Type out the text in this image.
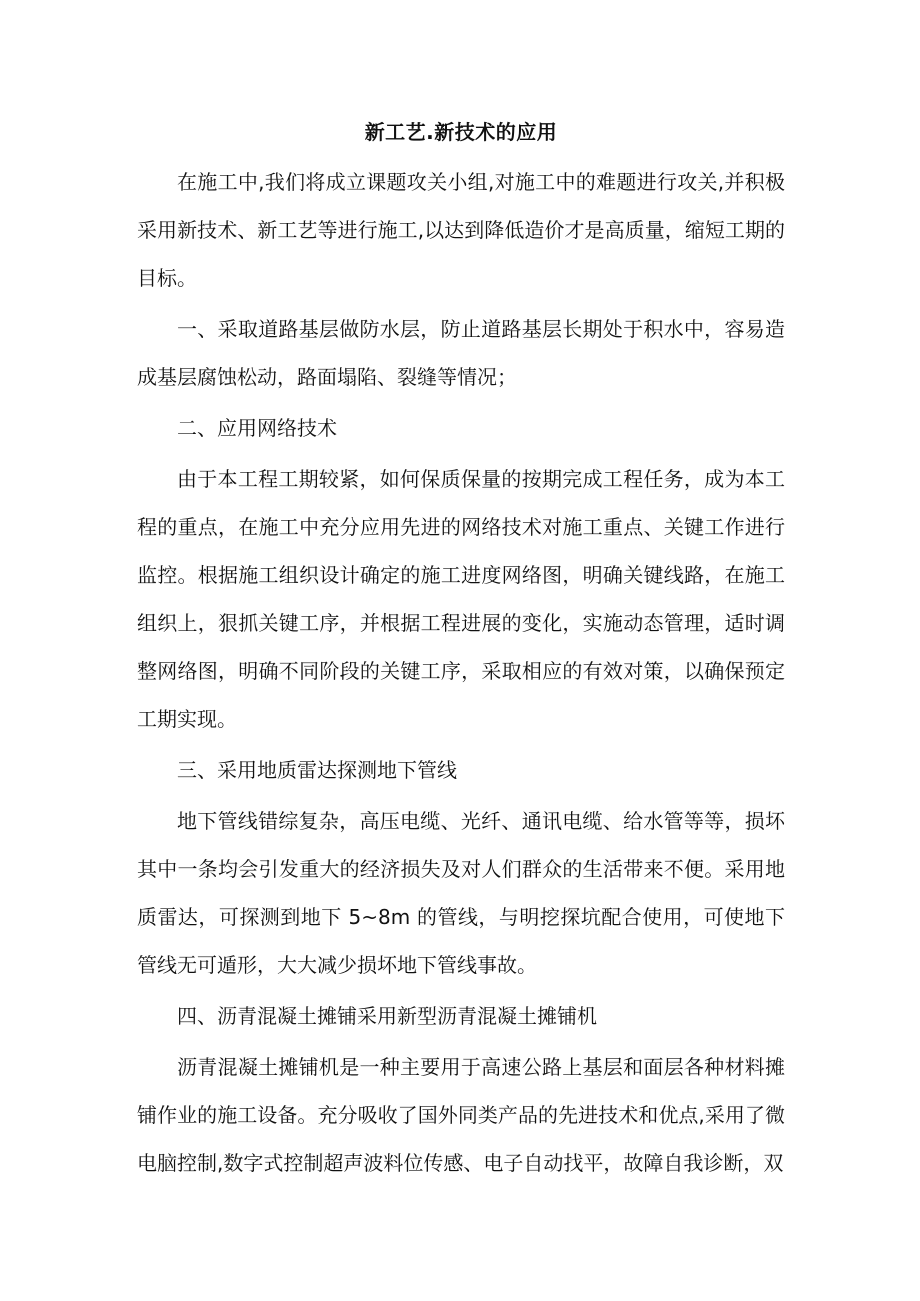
新工艺.新技术的应用

在施工中,我们将成立课题攻关小组,对施工中的难题进行攻关,并积极采用新技术、新工艺等进行施工,以达到降低造价才是高质量，缩短工期的目标。

一、采取道路基层做防水层，防止道路基层长期处于积水中，容易造成基层腐蚀松动，路面塌陷、裂缝等情况；

二、应用网络技术

由于本工程工期较紧，如何保质保量的按期完成工程任务，成为本工程的重点，在施工中充分应用先进的网络技术对施工重点、关键工作进行监控。根据施工组织设计确定的施工进度网络图，明确关键线路，在施工组织上，狠抓关键工序，并根据工程进展的变化，实施动态管理，适时调整网络图，明确不同阶段的关键工序，采取相应的有效对策，以确保预定工期实现。

三、采用地质雷达探测地下管线

地下管线错综复杂，高压电缆、光纤、通讯电缆、给水管等等，损坏其中一条均会引发重大的经济损失及对人们群众的生活带来不便。采用地质雷达，可探测到地下 5~8m 的管线，与明挖探坑配合使用，可使地下管线无可遁形，大大减少损坏地下管线事故。

四、沥青混凝土摊铺采用新型沥青混凝土摊铺机

沥青混凝土摊铺机是一种主要用于高速公路上基层和面层各种材料摊铺作业的施工设备。充分吸收了国外同类产品的先进技术和优点,采用了微电脑控制,数字式控制超声波料位传感、电子自动找平，故障自我诊断，双
